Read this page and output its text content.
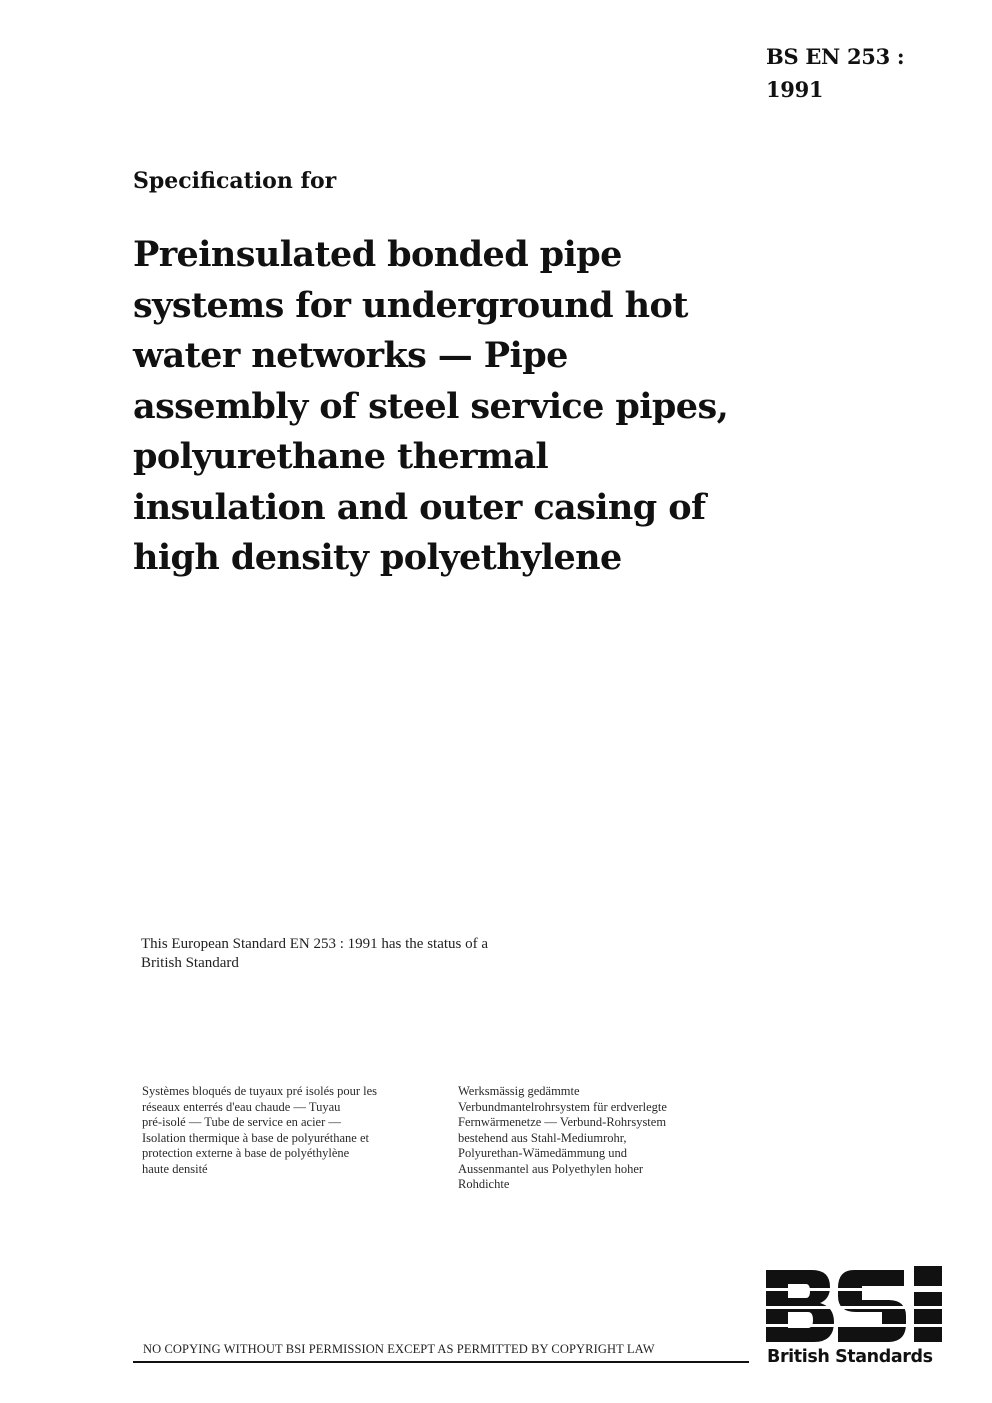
BS EN 253 :
1991
Specification for
Preinsulated bonded pipe
systems for underground hot
water networks — Pipe
assembly of steel service pipes,
polyurethane thermal
insulation and outer casing of
high density polyethylene
This European Standard EN 253 : 1991 has the status of a
British Standard
Systèmes bloqués de tuyaux pré isolés pour les
réseaux enterrés d'eau chaude — Tuyau
pré-isolé — Tube de service en acier —
Isolation thermique à base de polyuréthane et
protection externe à base de polyéthylène
haute densité
Werksmässig gedämmte
Verbundmantelrohrsystem für erdverlegte
Fernwärmenetze — Verbund-Rohrsystem
bestehend aus Stahl-Mediumrohr,
Polyurethan-Wämedämmung und
Aussenmantel aus Polyethylen hoher
Rohdichte
NO COPYING WITHOUT BSI PERMISSION EXCEPT AS PERMITTED BY COPYRIGHT LAW	British Standards
